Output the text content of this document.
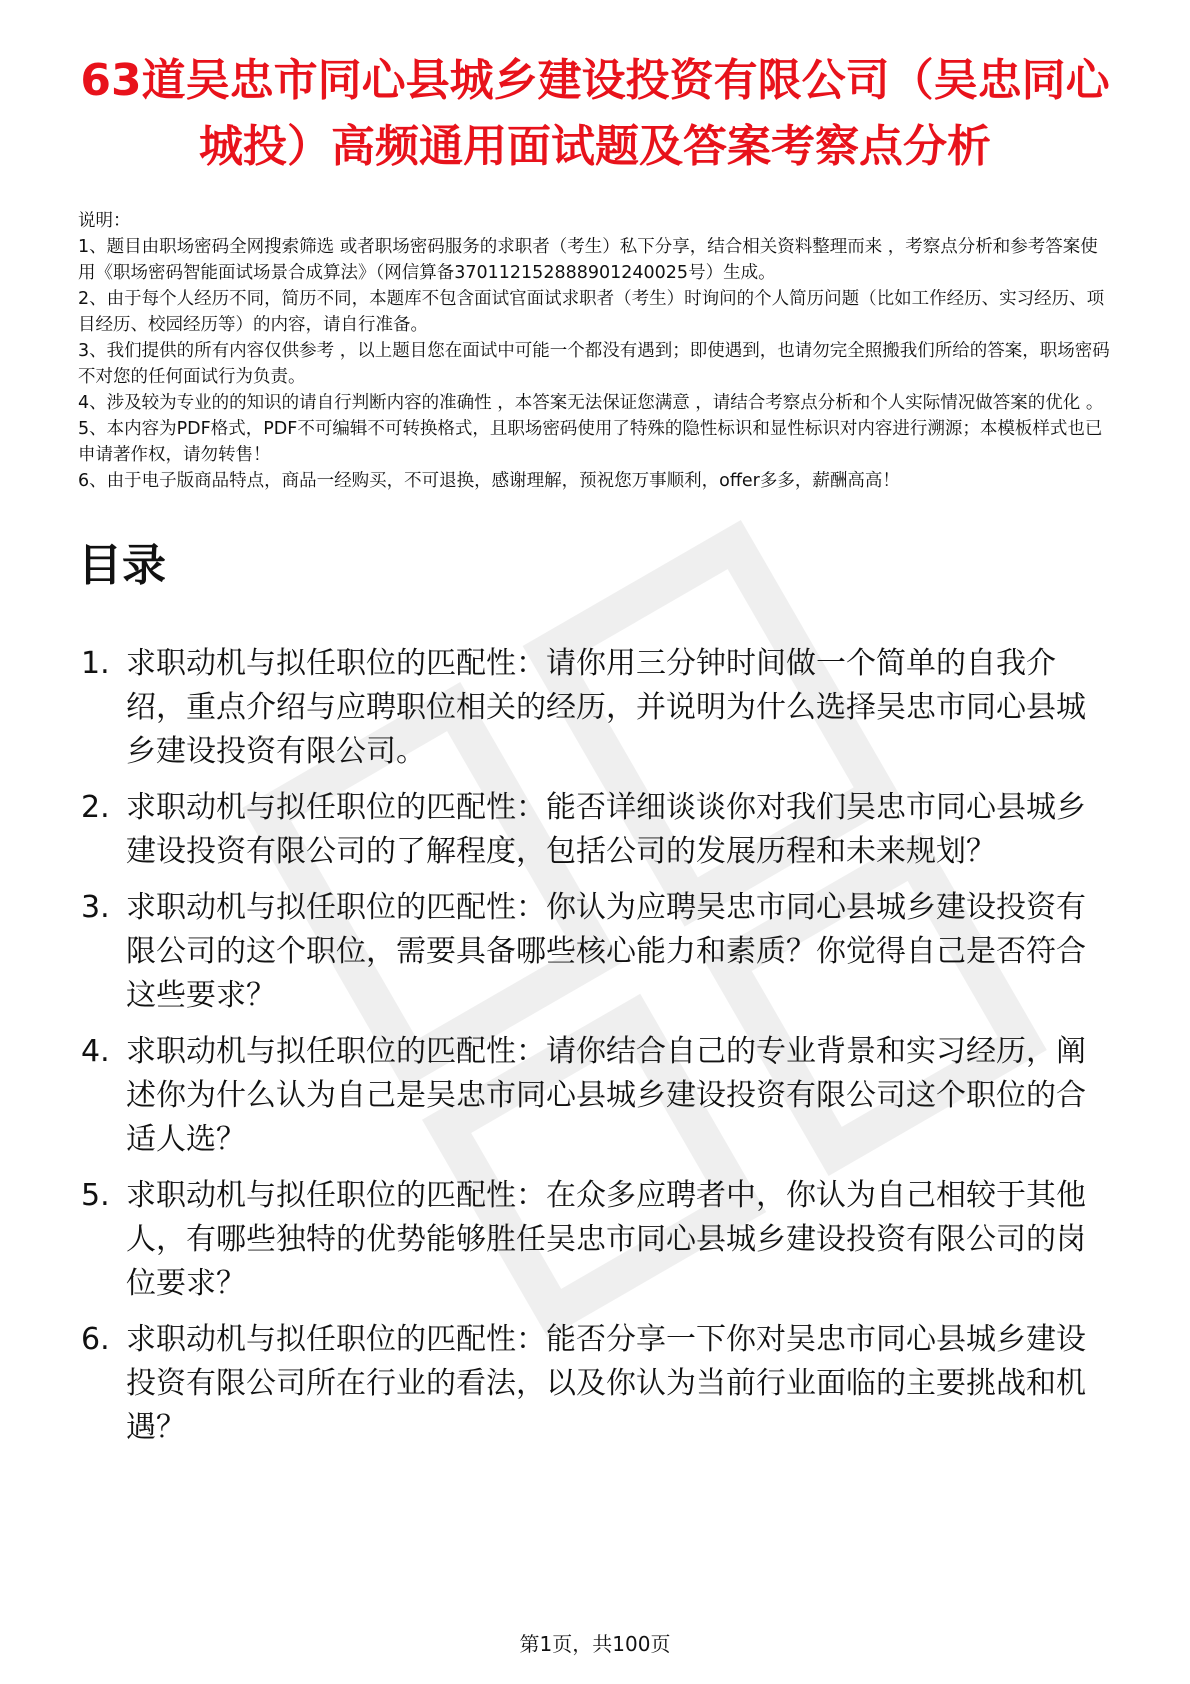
63道吴忠市同心县城乡建设投资有限公司（吴忠同心城投）高频通用面试题及答案考察点分析

说明：

1、题目由职场密码全网搜索筛选 或者职场密码服务的求职者（考生）私下分享，结合相关资料整理而来 ，考察点分析和参考答案使用《职场密码智能面试场景合成算法》（网信算备370112152888901240025号）生成。

2、由于每个人经历不同，简历不同，本题库不包含面试官面试求职者（考生）时询问的个人简历问题（比如工作经历、实习经历、项目经历、校园经历等）的内容，请自行准备。

3、我们提供的所有内容仅供参考 ，以上题目您在面试中可能一个都没有遇到；即使遇到，也请勿完全照搬我们所给的答案，职场密码不对您的任何面试行为负责。

4、涉及较为专业的的知识的请自行判断内容的准确性 ，本答案无法保证您满意 ，请结合考察点分析和个人实际情况做答案的优化 。

5、本内容为PDF格式，PDF不可编辑不可转换格式，且职场密码使用了特殊的隐性标识和显性标识对内容进行溯源；本模板样式也已申请著作权，请勿转售！

6、由于电子版商品特点，商品一经购买，不可退换，感谢理解，预祝您万事顺利，offer多多，薪酬高高！

目录
1. 求职动机与拟任职位的匹配性：请你用三分钟时间做一个简单的自我介绍，重点介绍与应聘职位相关的经历，并说明为什么选择吴忠市同心县城乡建设投资有限公司。
2. 求职动机与拟任职位的匹配性：能否详细谈谈你对我们吴忠市同心县城乡建设投资有限公司的了解程度，包括公司的发展历程和未来规划？
3. 求职动机与拟任职位的匹配性：你认为应聘吴忠市同心县城乡建设投资有限公司的这个职位，需要具备哪些核心能力和素质？你觉得自己是否符合这些要求？
4. 求职动机与拟任职位的匹配性：请你结合自己的专业背景和实习经历，阐述你为什么认为自己是吴忠市同心县城乡建设投资有限公司这个职位的合适人选？
5. 求职动机与拟任职位的匹配性：在众多应聘者中，你认为自己相较于其他人，有哪些独特的优势能够胜任吴忠市同心县城乡建设投资有限公司的岗位要求？
6. 求职动机与拟任职位的匹配性：能否分享一下你对吴忠市同心县城乡建设投资有限公司所在行业的看法，以及你认为当前行业面临的主要挑战和机遇？
第1页，共100页
